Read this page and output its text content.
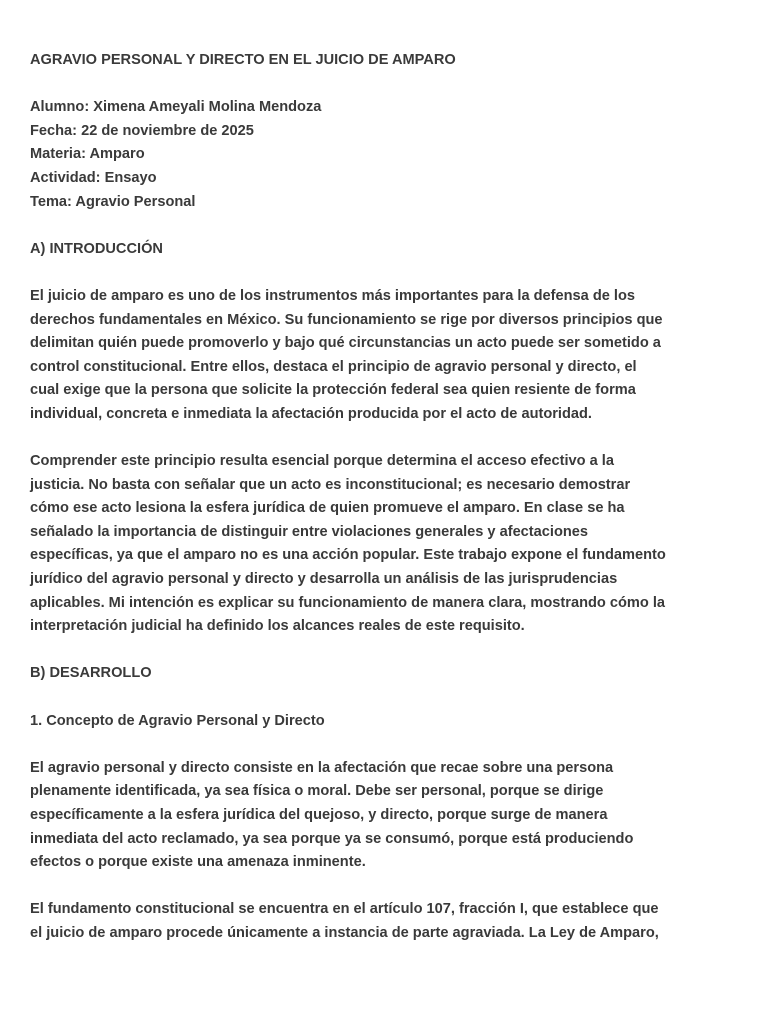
AGRAVIO PERSONAL Y DIRECTO EN EL JUICIO DE AMPARO

Alumno: Ximena Ameyali Molina Mendoza
Fecha: 22 de noviembre de 2025
Materia: Amparo
Actividad: Ensayo
Tema: Agravio Personal

A) INTRODUCCIÓN

El juicio de amparo es uno de los instrumentos más importantes para la defensa de los
derechos fundamentales en México. Su funcionamiento se rige por diversos principios que
delimitan quién puede promoverlo y bajo qué circunstancias un acto puede ser sometido a
control constitucional. Entre ellos, destaca el principio de agravio personal y directo, el
cual exige que la persona que solicite la protección federal sea quien resiente de forma
individual, concreta e inmediata la afectación producida por el acto de autoridad.

Comprender este principio resulta esencial porque determina el acceso efectivo a la
justicia. No basta con señalar que un acto es inconstitucional; es necesario demostrar
cómo ese acto lesiona la esfera jurídica de quien promueve el amparo. En clase se ha
señalado la importancia de distinguir entre violaciones generales y afectaciones
específicas, ya que el amparo no es una acción popular. Este trabajo expone el fundamento
jurídico del agravio personal y directo y desarrolla un análisis de las jurisprudencias
aplicables. Mi intención es explicar su funcionamiento de manera clara, mostrando cómo la
interpretación judicial ha definido los alcances reales de este requisito.

B) DESARROLLO

1. Concepto de Agravio Personal y Directo

El agravio personal y directo consiste en la afectación que recae sobre una persona
plenamente identificada, ya sea física o moral. Debe ser personal, porque se dirige
específicamente a la esfera jurídica del quejoso, y directo, porque surge de manera
inmediata del acto reclamado, ya sea porque ya se consumó, porque está produciendo
efectos o porque existe una amenaza inminente.

El fundamento constitucional se encuentra en el artículo 107, fracción I, que establece que
el juicio de amparo procede únicamente a instancia de parte agraviada. La Ley de Amparo,
